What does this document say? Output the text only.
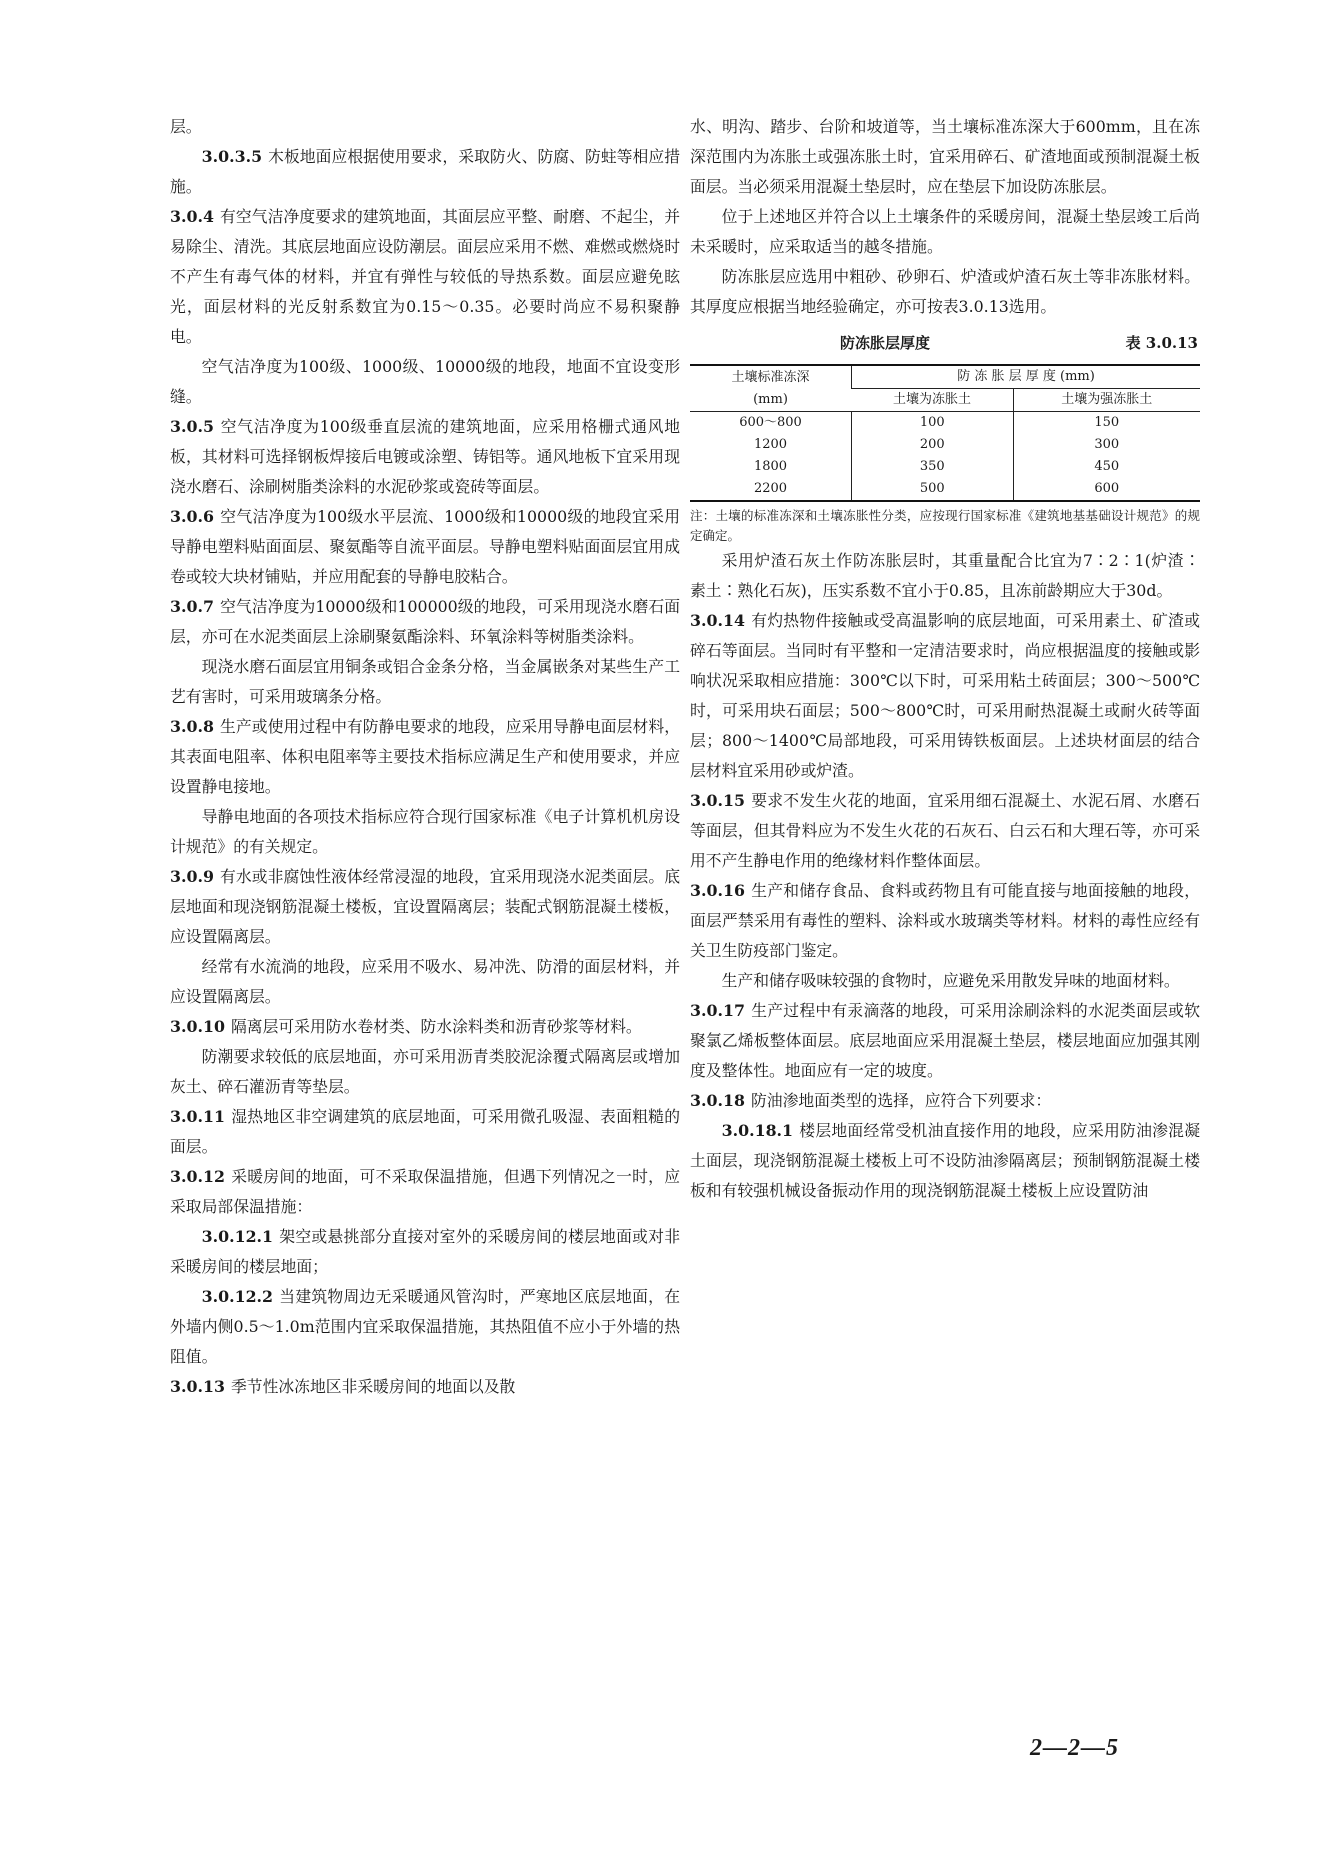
层。

3.0.3.5 木板地面应根据使用要求，采取防火、防腐、防蛀等相应措施。

3.0.4 有空气洁净度要求的建筑地面，其面层应平整、耐磨、不起尘，并易除尘、清洗。其底层地面应设防潮层。面层应采用不燃、难燃或燃烧时不产生有毒气体的材料，并宜有弹性与较低的导热系数。面层应避免眩光，面层材料的光反射系数宜为0.15～0.35。必要时尚应不易积聚静电。

空气洁净度为100级、1000级、10000级的地段，地面不宜设变形缝。

3.0.5 空气洁净度为100级垂直层流的建筑地面，应采用格栅式通风地板，其材料可选择钢板焊接后电镀或涂塑、铸铝等。通风地板下宜采用现浇水磨石、涂刷树脂类涂料的水泥砂浆或瓷砖等面层。

3.0.6 空气洁净度为100级水平层流、1000级和10000级的地段宜采用导静电塑料贴面面层、聚氨酯等自流平面层。导静电塑料贴面面层宜用成卷或较大块材铺贴，并应用配套的导静电胶粘合。

3.0.7 空气洁净度为10000级和100000级的地段，可采用现浇水磨石面层，亦可在水泥类面层上涂刷聚氨酯涂料、环氧涂料等树脂类涂料。

现浇水磨石面层宜用铜条或铝合金条分格，当金属嵌条对某些生产工艺有害时，可采用玻璃条分格。

3.0.8 生产或使用过程中有防静电要求的地段，应采用导静电面层材料，其表面电阻率、体积电阻率等主要技术指标应满足生产和使用要求，并应设置静电接地。

导静电地面的各项技术指标应符合现行国家标准《电子计算机机房设计规范》的有关规定。

3.0.9 有水或非腐蚀性液体经常浸湿的地段，宜采用现浇水泥类面层。底层地面和现浇钢筋混凝土楼板，宜设置隔离层；装配式钢筋混凝土楼板，应设置隔离层。

经常有水流淌的地段，应采用不吸水、易冲洗、防滑的面层材料，并应设置隔离层。

3.0.10 隔离层可采用防水卷材类、防水涂料类和沥青砂浆等材料。

防潮要求较低的底层地面，亦可采用沥青类胶泥涂覆式隔离层或增加灰土、碎石灌沥青等垫层。

3.0.11 湿热地区非空调建筑的底层地面，可采用微孔吸湿、表面粗糙的面层。

3.0.12 采暖房间的地面，可不采取保温措施，但遇下列情况之一时，应采取局部保温措施：

3.0.12.1 架空或悬挑部分直接对室外的采暖房间的楼层地面或对非采暖房间的楼层地面；

3.0.12.2 当建筑物周边无采暖通风管沟时，严寒地区底层地面，在外墙内侧0.5～1.0m范围内宜采取保温措施，其热阻值不应小于外墙的热阻值。

3.0.13 季节性冰冻地区非采暖房间的地面以及散

水、明沟、踏步、台阶和坡道等，当土壤标准冻深大于600mm，且在冻深范围内为冻胀土或强冻胀土时，宜采用碎石、矿渣地面或预制混凝土板面层。当必须采用混凝土垫层时，应在垫层下加设防冻胀层。

位于上述地区并符合以上土壤条件的采暖房间，混凝土垫层竣工后尚未采暖时，应采取适当的越冬措施。

防冻胀层应选用中粗砂、砂卵石、炉渣或炉渣石灰土等非冻胀材料。其厚度应根据当地经验确定，亦可按表3.0.13选用。

防冻胀层厚度	表 3.0.13
土壤标准冻深
(mm)	防 冻 胀 层 厚 度 (mm)	
	土壤为冻胀土	土壤为强冻胀土
600～800	100	150
1200	200	300
1800	350	450
2200	500	600
注：土壤的标准冻深和土壤冻胀性分类，应按现行国家标准《建筑地基基础设计规范》的规定确定。

采用炉渣石灰土作防冻胀层时，其重量配合比宜为7∶2∶1(炉渣∶素土∶熟化石灰)，压实系数不宜小于0.85，且冻前龄期应大于30d。

3.0.14 有灼热物件接触或受高温影响的底层地面，可采用素土、矿渣或碎石等面层。当同时有平整和一定清洁要求时，尚应根据温度的接触或影响状况采取相应措施：300℃以下时，可采用粘土砖面层；300～500℃时，可采用块石面层；500～800℃时，可采用耐热混凝土或耐火砖等面层；800～1400℃局部地段，可采用铸铁板面层。上述块材面层的结合层材料宜采用砂或炉渣。

3.0.15 要求不发生火花的地面，宜采用细石混凝土、水泥石屑、水磨石等面层，但其骨料应为不发生火花的石灰石、白云石和大理石等，亦可采用不产生静电作用的绝缘材料作整体面层。

3.0.16 生产和储存食品、食料或药物且有可能直接与地面接触的地段，面层严禁采用有毒性的塑料、涂料或水玻璃类等材料。材料的毒性应经有关卫生防疫部门鉴定。

生产和储存吸味较强的食物时，应避免采用散发异味的地面材料。

3.0.17 生产过程中有汞滴落的地段，可采用涂刷涂料的水泥类面层或软聚氯乙烯板整体面层。底层地面应采用混凝土垫层，楼层地面应加强其刚度及整体性。地面应有一定的坡度。

3.0.18 防油渗地面类型的选择，应符合下列要求：

3.0.18.1 楼层地面经常受机油直接作用的地段，应采用防油渗混凝土面层，现浇钢筋混凝土楼板上可不设防油渗隔离层；预制钢筋混凝土楼板和有较强机械设备振动作用的现浇钢筋混凝土楼板上应设置防油

2—2—5
